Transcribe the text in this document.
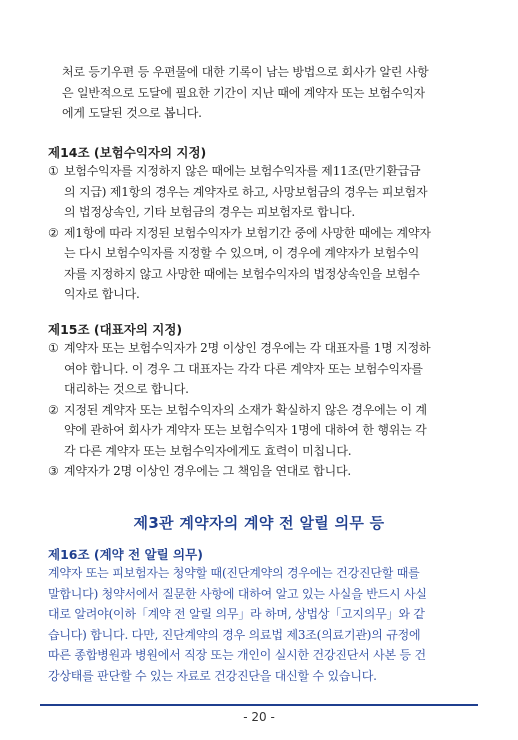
처로 등기우편 등 우편물에 대한 기록이 남는 방법으로 회사가 알린 사항
은 일반적으로 도달에 필요한 기간이 지난 때에 계약자 또는 보험수익자
에게 도달된 것으로 봅니다.
제14조 (보험수익자의 지정)
① 보험수익자를 지정하지 않은 때에는 보험수익자를 제11조(만기환급금
의 지급) 제1항의 경우는 계약자로 하고, 사망보험금의 경우는 피보험자
의 법정상속인, 기타 보험금의 경우는 피보험자로 합니다.
② 제1항에 따라 지정된 보험수익자가 보험기간 중에 사망한 때에는 계약자
는 다시 보험수익자를 지정할 수 있으며, 이 경우에 계약자가 보험수익
자를 지정하지 않고 사망한 때에는 보험수익자의 법정상속인을 보험수
익자로 합니다.
제15조 (대표자의 지정)
① 계약자 또는 보험수익자가 2명 이상인 경우에는 각 대표자를 1명 지정하
여야 합니다. 이 경우 그 대표자는 각각 다른 계약자 또는 보험수익자를
대리하는 것으로 합니다.
② 지정된 계약자 또는 보험수익자의 소재가 확실하지 않은 경우에는 이 계
약에 관하여 회사가 계약자 또는 보험수익자 1명에 대하여 한 행위는 각
각 다른 계약자 또는 보험수익자에게도 효력이 미칩니다.
③ 계약자가 2명 이상인 경우에는 그 책임을 연대로 합니다.
제3관 계약자의 계약 전 알릴 의무 등
제16조 (계약 전 알릴 의무)
계약자 또는 피보험자는 청약할 때(진단계약의 경우에는 건강진단할 때를
말합니다) 청약서에서 질문한 사항에 대하여 알고 있는 사실을 반드시 사실
대로 알려야(이하「계약 전 알릴 의무」라 하며, 상법상「고지의무」와 같
습니다) 합니다. 다만, 진단계약의 경우 의료법 제3조(의료기관)의 규정에
따른 종합병원과 병원에서 직장 또는 개인이 실시한 건강진단서 사본 등 건
강상태를 판단할 수 있는 자료로 건강진단을 대신할 수 있습니다.
- 20 -
